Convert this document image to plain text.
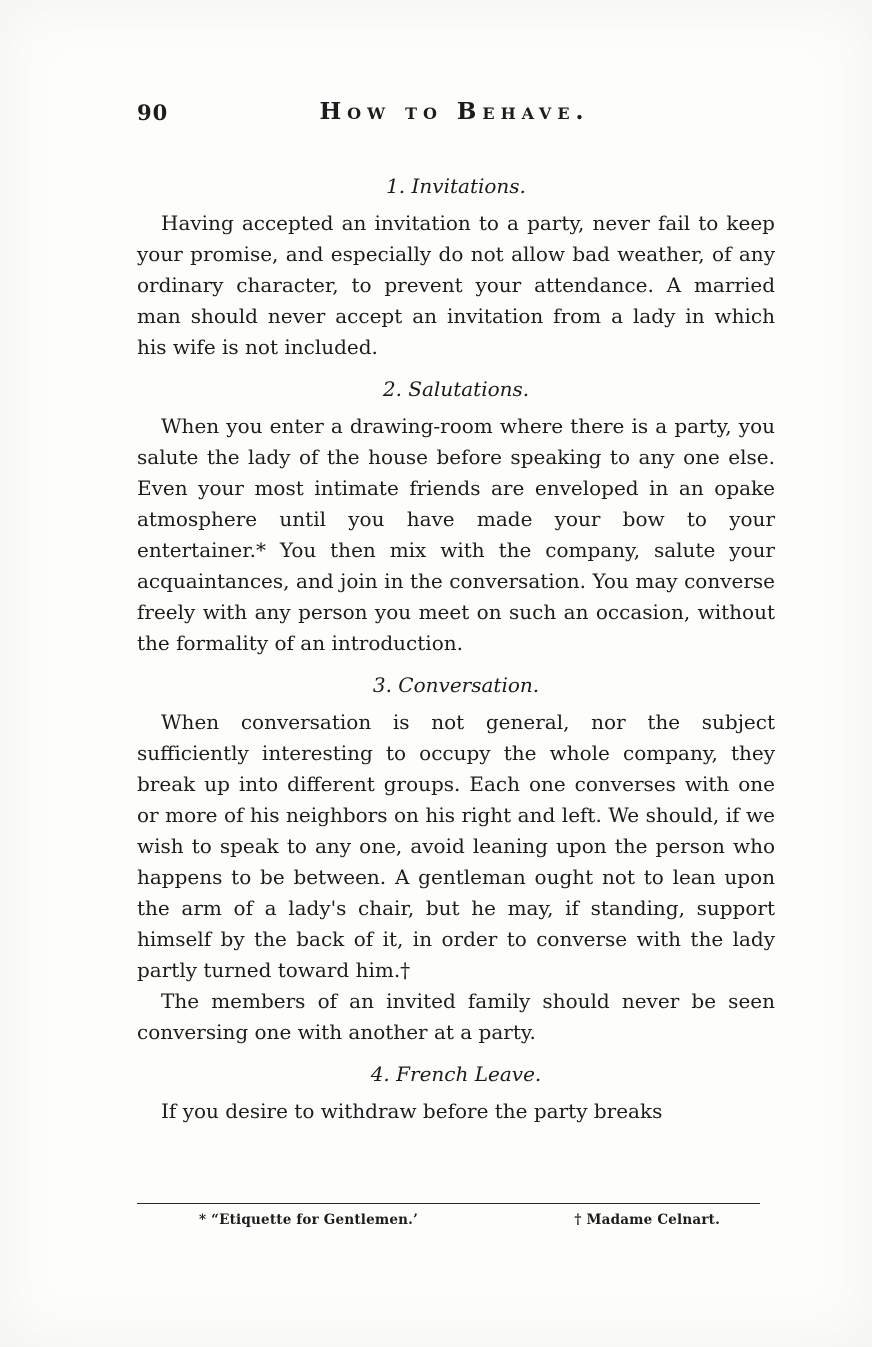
90	How to Behave.
1. Invitations.

Having accepted an invitation to a party, never fail to keep your promise, and especially do not allow bad weather, of any ordinary character, to prevent your attendance. A married man should never accept an invitation from a lady in which his wife is not included.

2. Salutations.

When you enter a drawing-room where there is a party, you salute the lady of the house before speaking to any one else. Even your most intimate friends are enveloped in an opake atmosphere until you have made your bow to your entertainer.* You then mix with the company, salute your acquaintances, and join in the conversation. You may converse freely with any person you meet on such an occasion, without the formality of an introduction.

3. Conversation.

When conversation is not general, nor the subject sufficiently interesting to occupy the whole company, they break up into different groups. Each one converses with one or more of his neighbors on his right and left. We should, if we wish to speak to any one, avoid leaning upon the person who happens to be between. A gentleman ought not to lean upon the arm of a lady's chair, but he may, if standing, support himself by the back of it, in order to converse with the lady partly turned toward him.†

The members of an invited family should never be seen conversing one with another at a party.

4. French Leave.

If you desire to withdraw before the party breaks

* “Etiquette for Gentlemen.’	† Madame Celnart.
